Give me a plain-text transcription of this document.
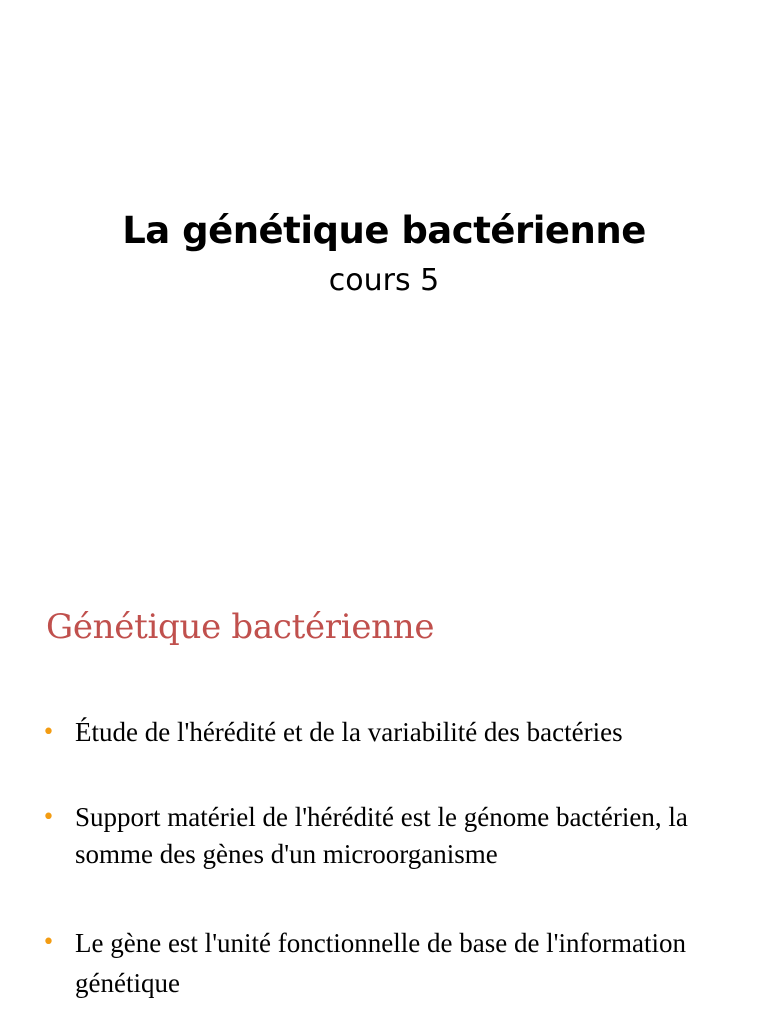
La génétique bactérienne
cours 5
Génétique bactérienne
• Étude de l'hérédité et de la variabilité des bactéries
• Support matériel de l'hérédité est le génome bactérien, la somme des gènes d'un microorganisme
• Le gène est l'unité fonctionnelle de base de l'information génétique
